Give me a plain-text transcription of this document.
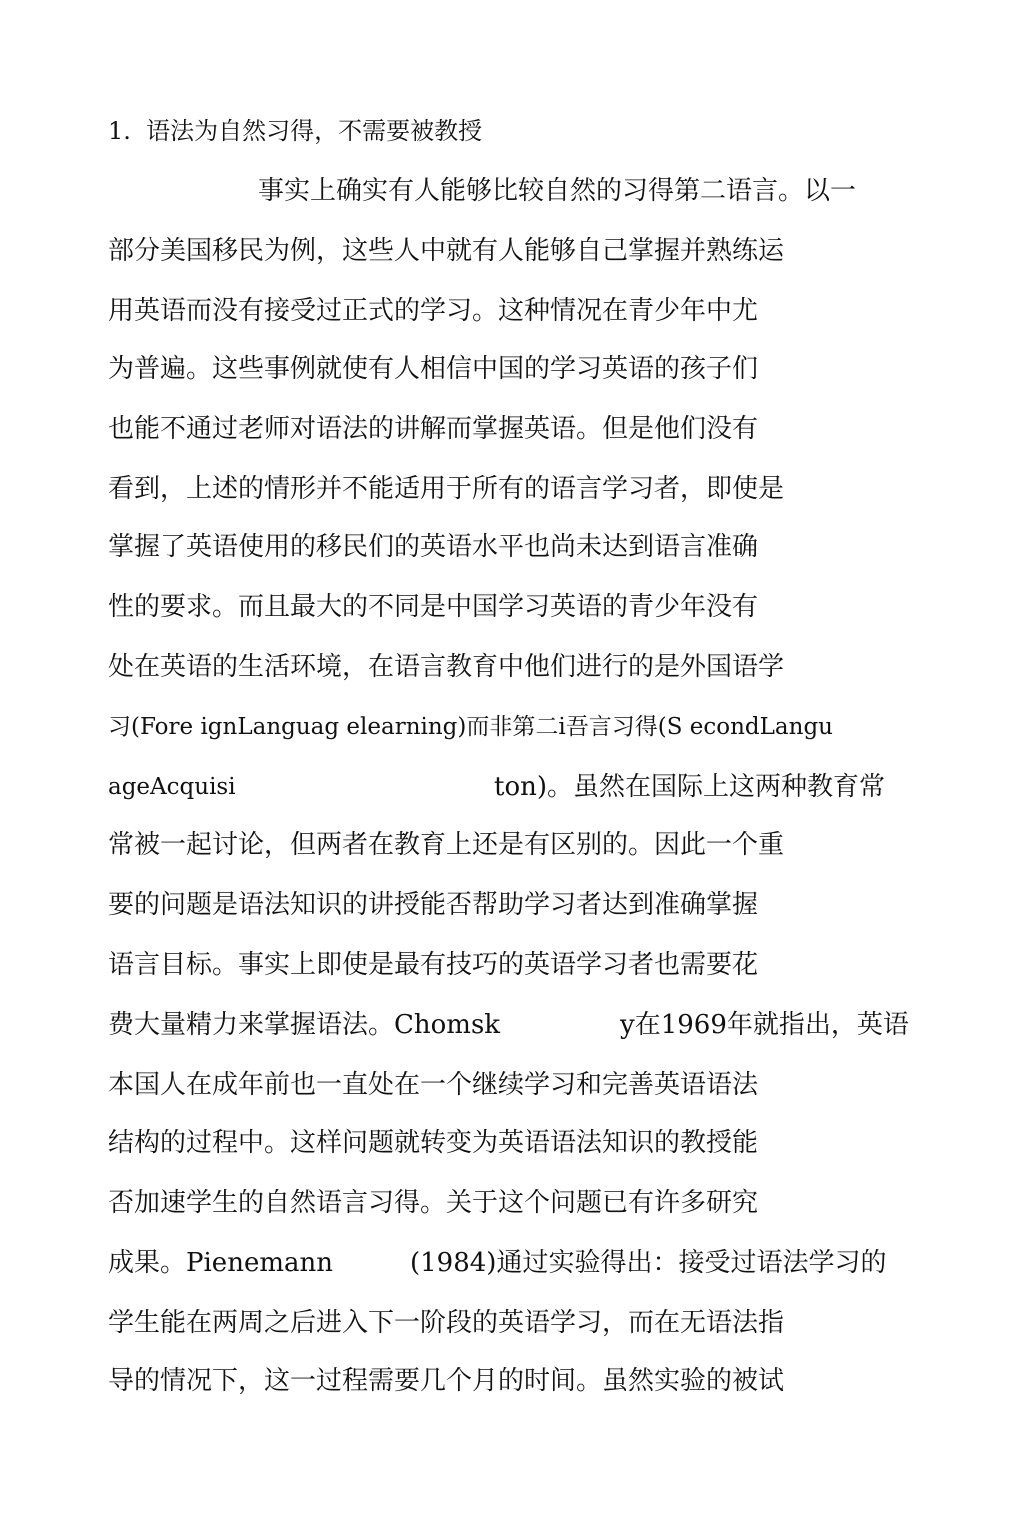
1.  语法为自然习得，不需要被教授
事实上确实有人能够比较自然的习得第二语言。以一
部分美国移民为例，这些人中就有人能够自己掌握并熟练运
用英语而没有接受过正式的学习。这种情况在青少年中尤
为普遍。这些事例就使有人相信中国的学习英语的孩子们
也能不通过老师对语法的讲解而掌握英语。但是他们没有
看到，上述的情形并不能适用于所有的语言学习者，即使是
掌握了英语使用的移民们的英语水平也尚未达到语言准确
性的要求。而且最大的不同是中国学习英语的青少年没有
处在英语的生活环境，在语言教育中他们进行的是外国语学
习(Fore ignLanguag elearning)而非第二i吾言习得(S econdLangu
ageAcquisi	ton)。虽然在国际上这两种教育常
常被一起讨论，但两者在教育上还是有区别的。因此一个重
要的问题是语法知识的讲授能否帮助学习者达到准确掌握
语言目标。事实上即使是最有技巧的英语学习者也需要花
费大量精力来掌握语法。Chomsk	y在1969年就指出，英语
本国人在成年前也一直处在一个继续学习和完善英语语法
结构的过程中。这样问题就转变为英语语法知识的教授能
否加速学生的自然语言习得。关于这个问题已有许多研究
成果。Pienemann	(1984)通过实验得出：接受过语法学习的
学生能在两周之后进入下一阶段的英语学习，而在无语法指
导的情况下，这一过程需要几个月的时间。虽然实验的被试
